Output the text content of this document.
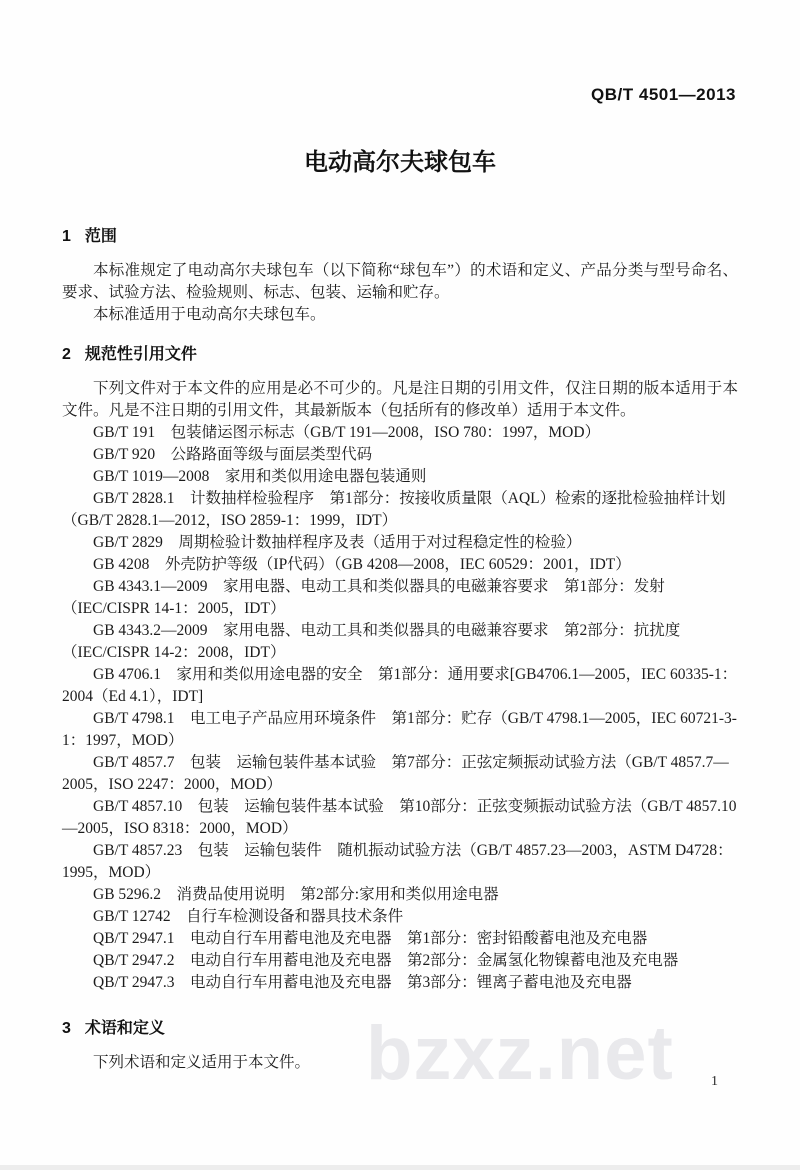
bzxz.net
QB/T 4501—2013
电动高尔夫球包车
1 范围

本标准规定了电动高尔夫球包车（以下简称“球包车”）的术语和定义、产品分类与型号命名、要求、试验方法、检验规则、标志、包装、运输和贮存。

本标准适用于电动高尔夫球包车。

2 规范性引用文件

下列文件对于本文件的应用是必不可少的。凡是注日期的引用文件，仅注日期的版本适用于本文件。凡是不注日期的引用文件，其最新版本（包括所有的修改单）适用于本文件。

GB/T 191　包装储运图示标志（GB/T 191—2008，ISO 780：1997，MOD）

GB/T 920　公路路面等级与面层类型代码

GB/T 1019—2008　家用和类似用途电器包装通则

GB/T 2828.1　计数抽样检验程序　第1部分：按接收质量限（AQL）检索的逐批检验抽样计划（GB/T 2828.1—2012，ISO 2859-1：1999，IDT）

GB/T 2829　周期检验计数抽样程序及表（适用于对过程稳定性的检验）

GB 4208　外壳防护等级（IP代码）（GB 4208—2008，IEC 60529：2001，IDT）

GB 4343.1—2009　家用电器、电动工具和类似器具的电磁兼容要求　第1部分：发射（IEC/CISPR 14-1：2005，IDT）

GB 4343.2—2009　家用电器、电动工具和类似器具的电磁兼容要求　第2部分：抗扰度（IEC/CISPR 14-2：2008，IDT）

GB 4706.1　家用和类似用途电器的安全　第1部分：通用要求[GB4706.1—2005，IEC 60335-1：2004（Ed 4.1），IDT]

GB/T 4798.1　电工电子产品应用环境条件　第1部分：贮存（GB/T 4798.1—2005，IEC 60721-3-1：1997，MOD）

GB/T 4857.7　包装　运输包装件基本试验　第7部分：正弦定频振动试验方法（GB/T 4857.7—2005，ISO 2247：2000，MOD）

GB/T 4857.10　包装　运输包装件基本试验　第10部分：正弦变频振动试验方法（GB/T 4857.10—2005，ISO 8318：2000，MOD）

GB/T 4857.23　包装　运输包装件　随机振动试验方法（GB/T 4857.23—2003，ASTM D4728：1995，MOD）

GB 5296.2　消费品使用说明　第2部分:家用和类似用途电器

GB/T 12742　自行车检测设备和器具技术条件

QB/T 2947.1　电动自行车用蓄电池及充电器　第1部分：密封铅酸蓄电池及充电器

QB/T 2947.2　电动自行车用蓄电池及充电器　第2部分：金属氢化物镍蓄电池及充电器

QB/T 2947.3　电动自行车用蓄电池及充电器　第3部分：锂离子蓄电池及充电器

3 术语和定义

下列术语和定义适用于本文件。

1
